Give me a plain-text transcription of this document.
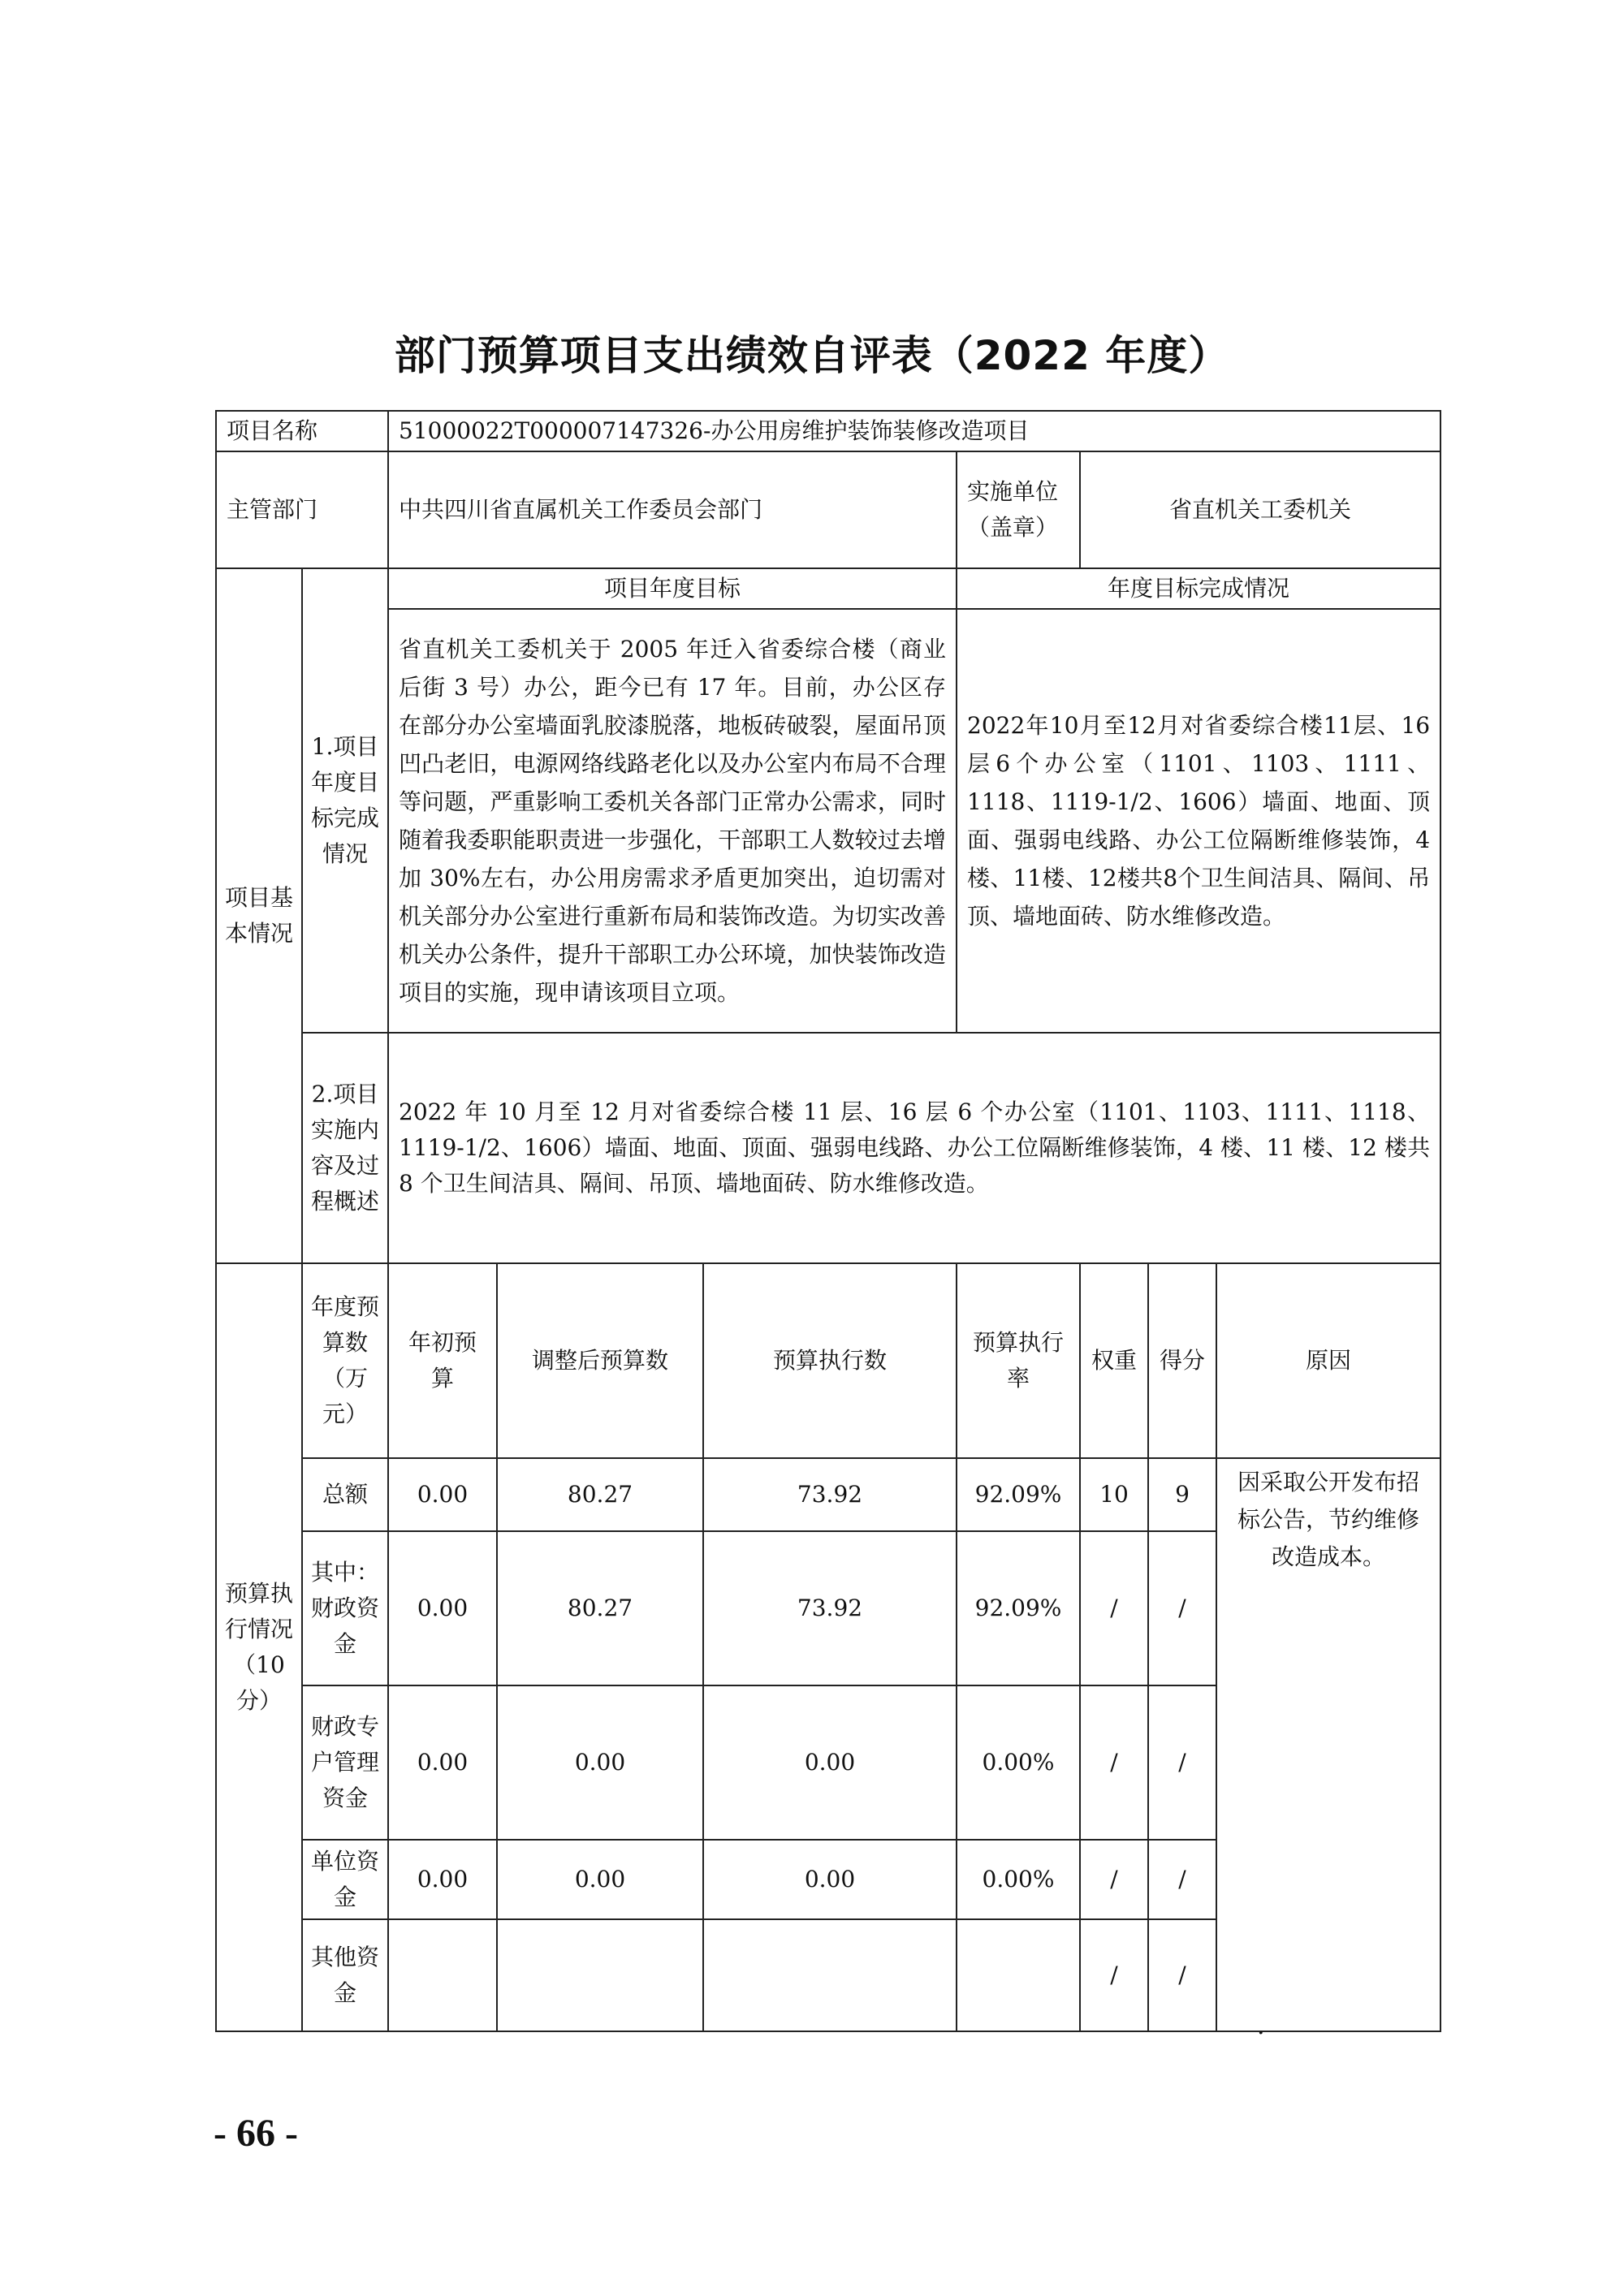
部门预算项目支出绩效自评表（2022 年度）
项目名称		51000022T000007147326-办公用房维护装饰装修改造项目						
主管部门		中共四川省直属机关工作委员会部门			实施单位（盖章）	省直机关工委机关		
项目基本情况	1.项目年度目标完成情况	项目年度目标			年度目标完成情况			
		省直机关工委机关于 2005 年迁入省委综合楼（商业后街 3 号）办公，距今已有 17 年。目前，办公区存在部分办公室墙面乳胶漆脱落，地板砖破裂，屋面吊顶凹凸老旧，电源网络线路老化以及办公室内布局不合理等问题，严重影响工委机关各部门正常办公需求，同时随着我委职能职责进一步强化，干部职工人数较过去增加 30%左右，办公用房需求矛盾更加突出，迫切需对机关部分办公室进行重新布局和装饰改造。为切实改善机关办公条件，提升干部职工办公环境，加快装饰改造项目的实施，现申请该项目立项。			2022年10月至12月对省委综合楼11层、16层6个办公室（1101、1103、1111、1118、1119-1/2、1606）墙面、地面、顶面、强弱电线路、办公工位隔断维修装饰，4楼、11楼、12楼共8个卫生间洁具、隔间、吊顶、墙地面砖、防水维修改造。			
	2.项目实施内容及过程概述	2022 年 10 月至 12 月对省委综合楼 11 层、16 层 6 个办公室（1101、1103、1111、1118、1119-1/2、1606）墙面、地面、顶面、强弱电线路、办公工位隔断维修装饰，4 楼、11 楼、12 楼共 8 个卫生间洁具、隔间、吊顶、墙地面砖、防水维修改造。						

预算执行情况（10分）	年度预算数（万元）	年初预算	调整后预算数	预算执行数	预算执行率	权重	得分	原因
	总额	0.00	80.27	73.92	92.09%	10	9	因采取公开发布招标公告，节约维修改造成本。
	其中：财政资金	0.00	80.27	73.92	92.09%	/	/	
	财政专户管理资金	0.00	0.00	0.00	0.00%	/	/	
	单位资金	0.00	0.00	0.00	0.00%	/	/	
	其他资金					/	/	
.
- 66 -
